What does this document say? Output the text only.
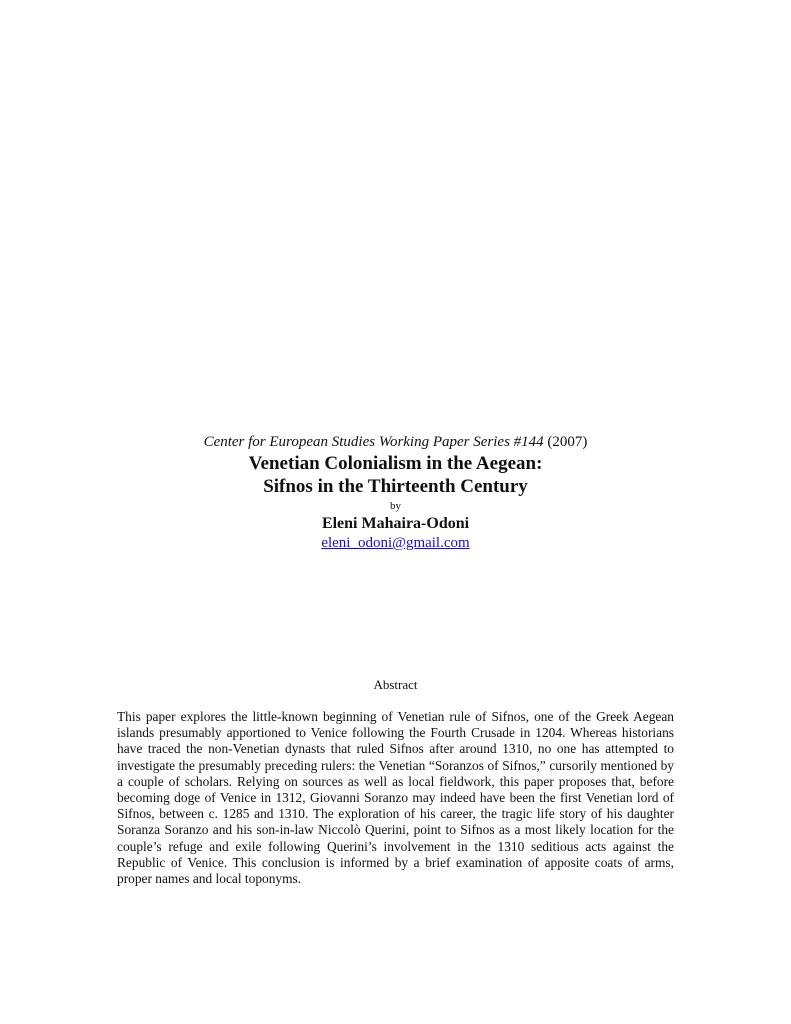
Center for European Studies Working Paper Series #144 (2007)

Venetian Colonialism in the Aegean:

Sifnos in the Thirteenth Century

by

Eleni Mahaira-Odoni

eleni_odoni@gmail.com

Abstract

This paper explores the little-known beginning of Venetian rule of Sifnos, one of the Greek Aegean islands presumably apportioned to Venice following the Fourth Crusade in 1204. Whereas historians have traced the non-Venetian dynasts that ruled Sifnos after around 1310, no one has attempted to investigate the presumably preceding rulers: the Venetian “Soranzos of Sifnos,” cursorily mentioned by a couple of scholars. Relying on sources as well as local fieldwork, this paper proposes that, before becoming doge of Venice in 1312, Giovanni Soranzo may indeed have been the first Venetian lord of Sifnos, between c. 1285 and 1310. The exploration of his career, the tragic life story of his daughter Soranza Soranzo and his son-in-law Niccolò Querini, point to Sifnos as a most likely location for the couple’s refuge and exile following Querini’s involvement in the 1310 seditious acts against the Republic of Venice. This conclusion is informed by a brief examination of apposite coats of arms, proper names and local toponyms.
